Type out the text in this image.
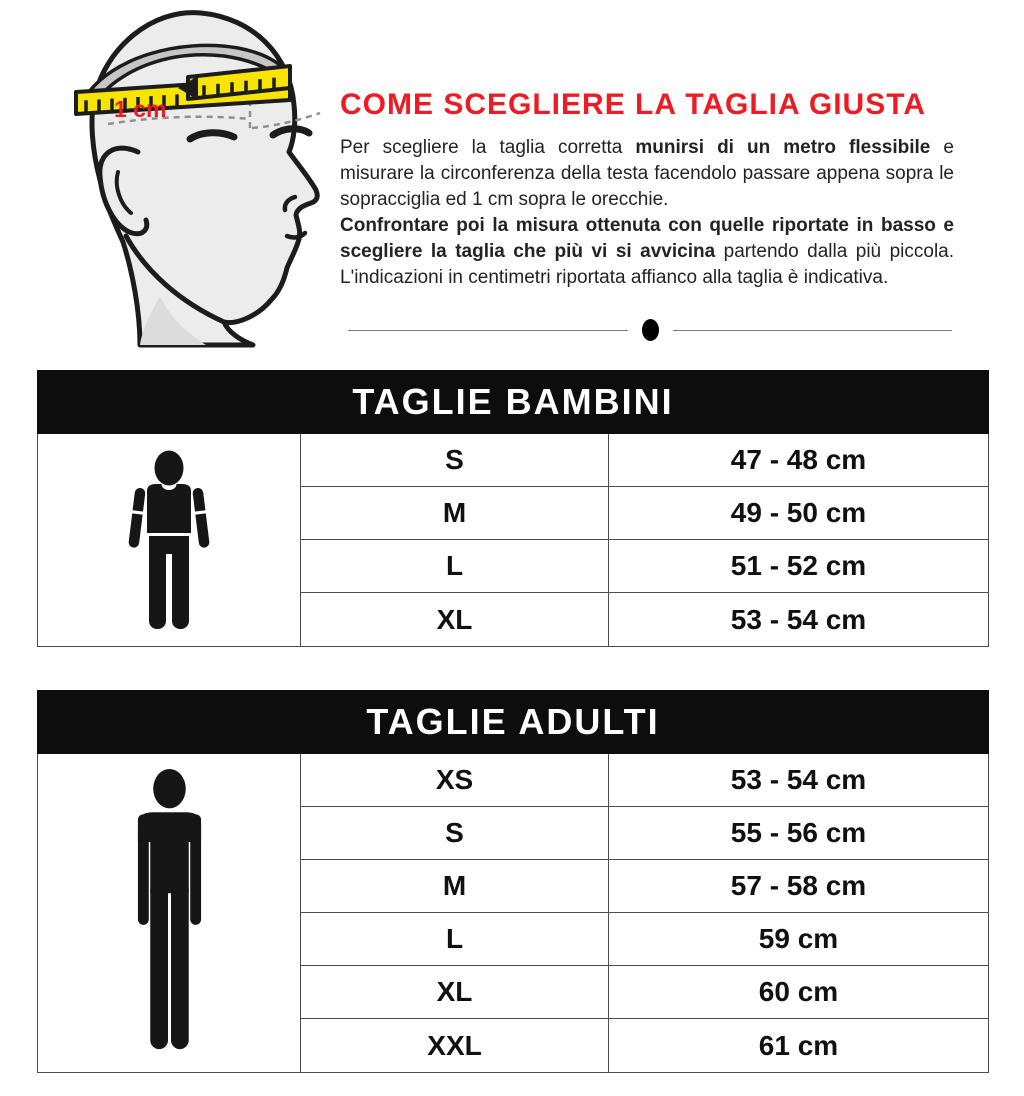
1 cm	COME SCEGLIERE LA TAGLIA GIUSTA

Per scegliere la taglia corretta munirsi di un metro flessibile e misurare la circonferenza della testa facendolo passare appena sopra le sopracciglia ed 1 cm sopra le orecchie.

Confrontare poi la misura ottenuta con quelle riportate in basso e scegliere la taglia che più vi si avvicina partendo dalla più piccola. L'indicazioni in centimetri riportata affianco alla taglia è indicativa.

TAGLIE BAMBINI
S	47 - 48 cm
M	49 - 50 cm
L	51 - 52 cm
XL	53 - 54 cm
TAGLIE ADULTI
XS	53 - 54 cm
S	55 - 56 cm
M	57 - 58 cm
L	59 cm
XL	60 cm
XXL	61 cm
